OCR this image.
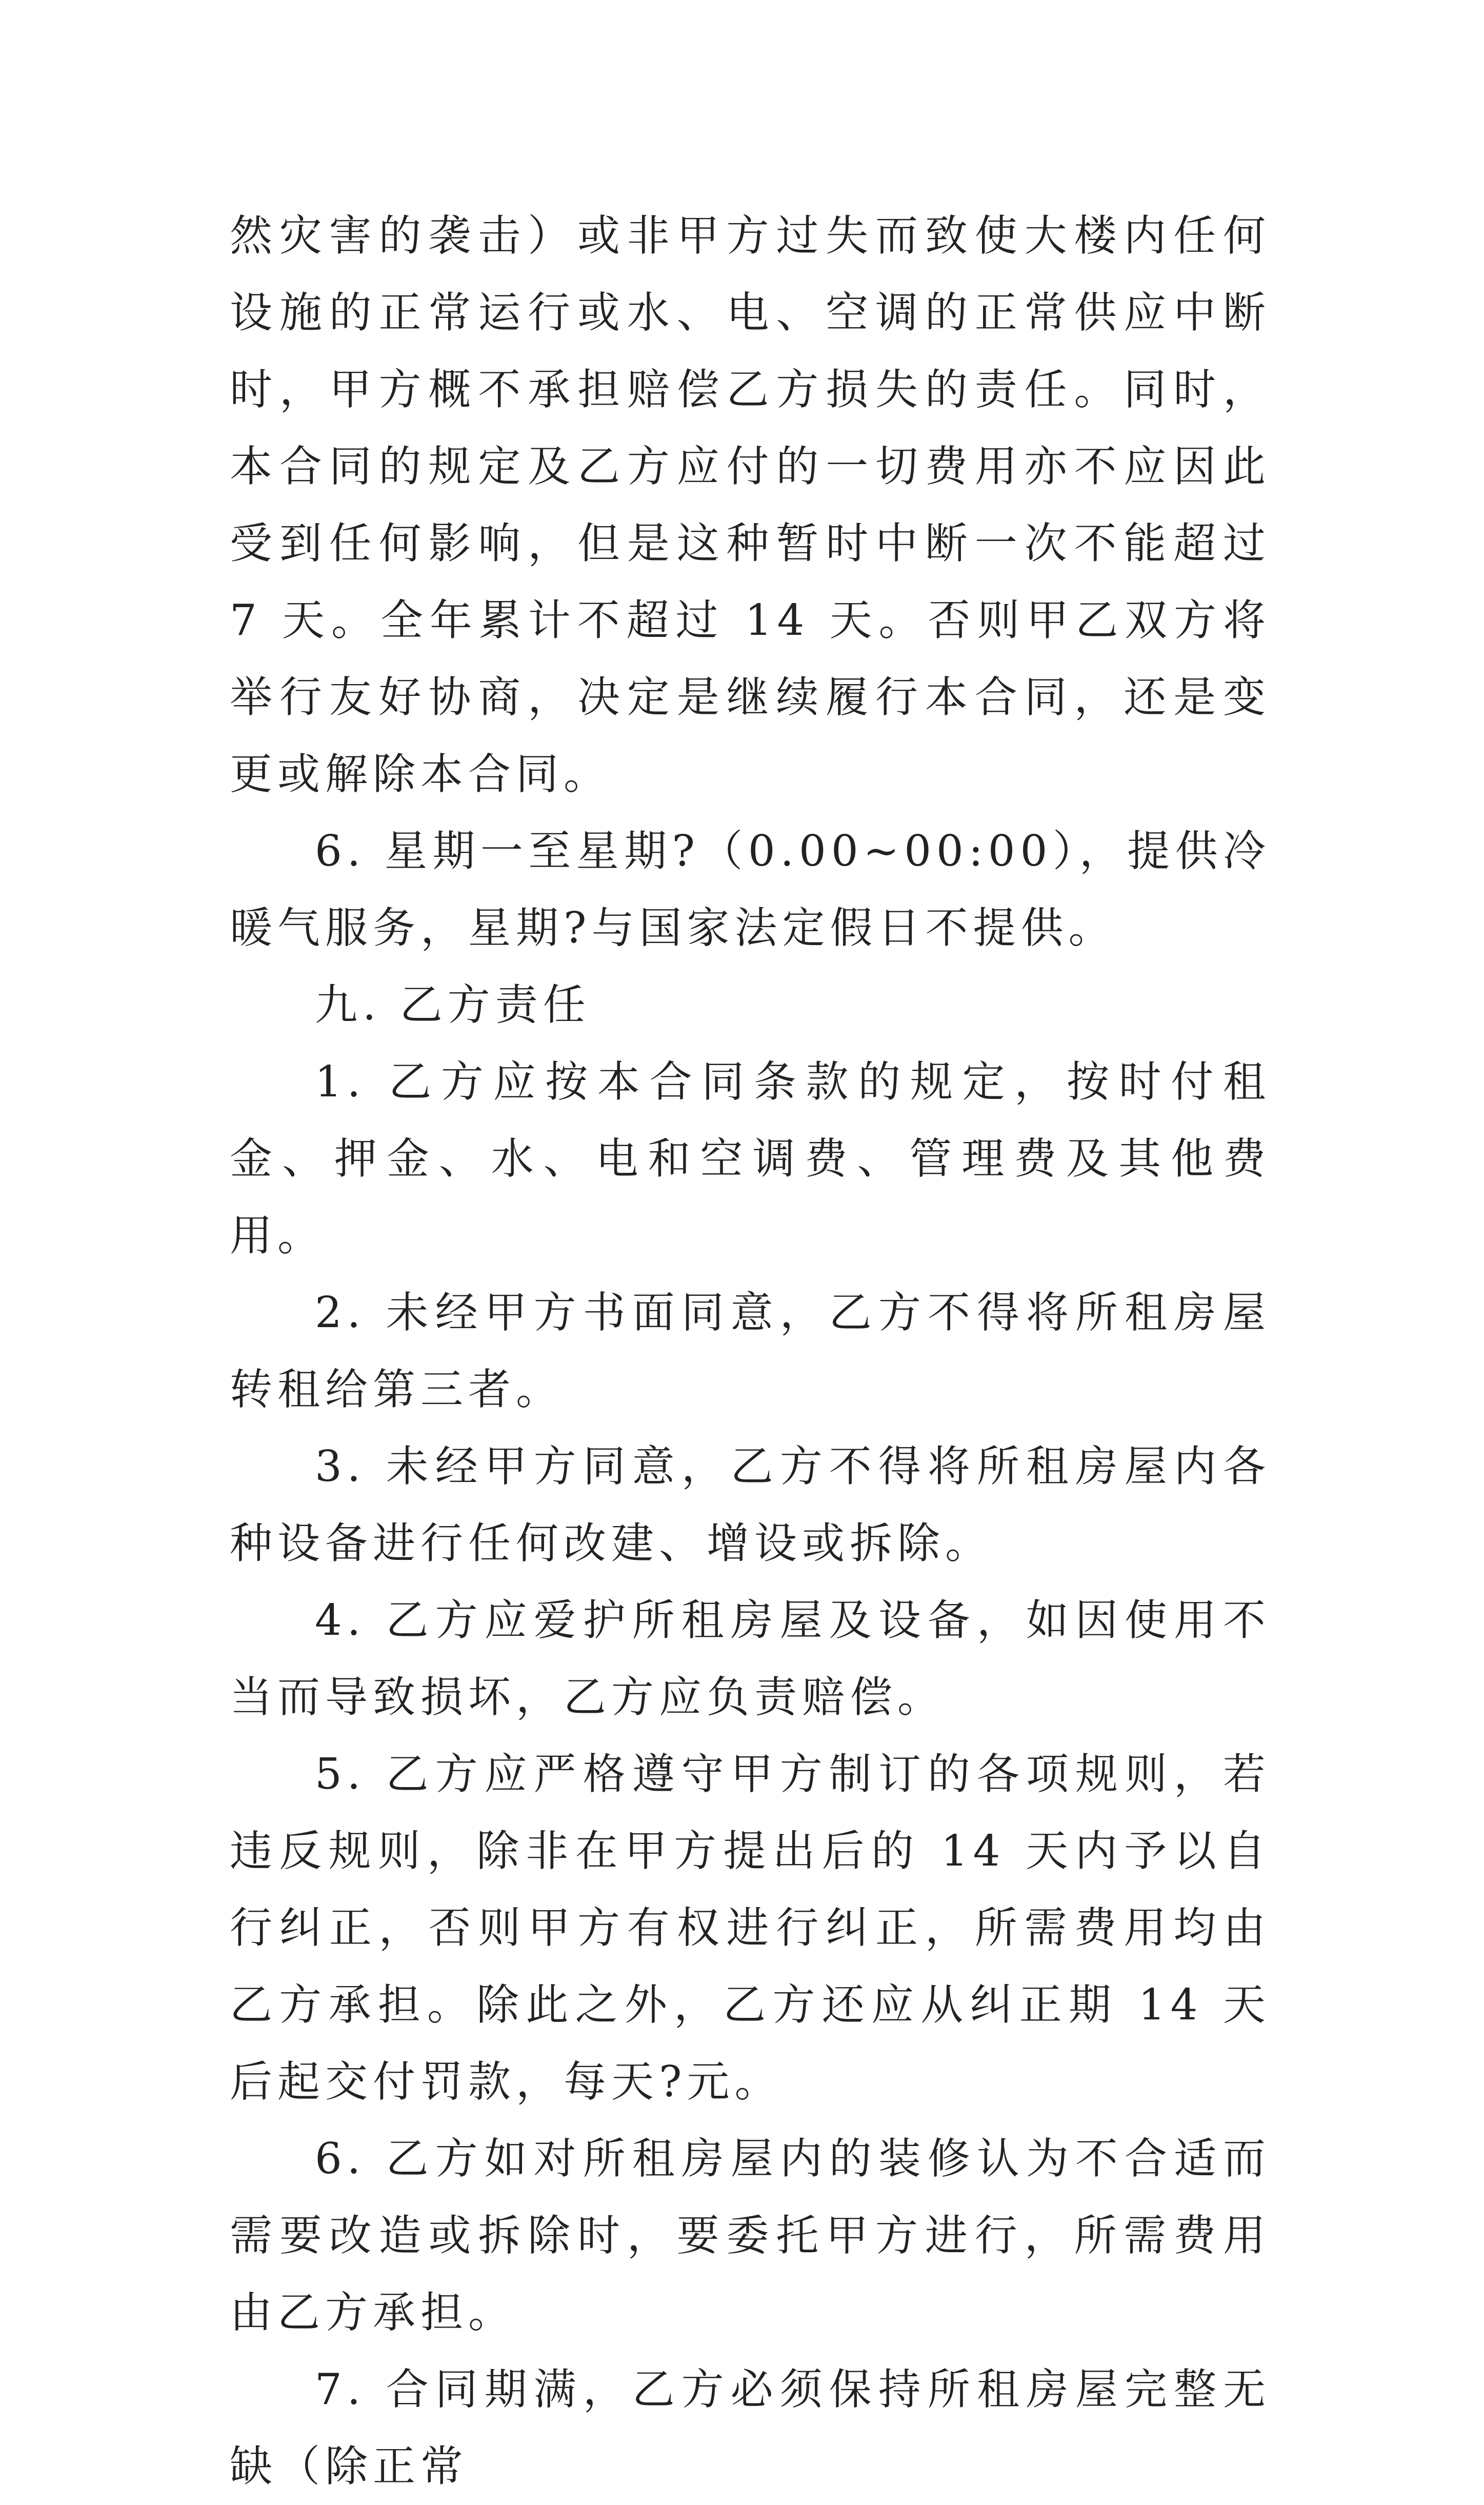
然灾害的袭击）或非甲方过失而致使大楼内任何设施的正常运行或水、电、空调的正常供应中断时，甲方概不承担赔偿乙方损失的责任。同时，本合同的规定及乙方应付的一切费用亦不应因此受到任何影响，但是这种暂时中断一次不能超过 7 天。全年累计不超过 14 天。否则甲乙双方将举行友好协商，决定是继续履行本合同，还是变更或解除本合同。

6. 星期一至星期?（0.00~00:00），提供冷暖气服务，星期?与国家法定假日不提供。

九. 乙方责任

1. 乙方应按本合同条款的规定，按时付租金、押金、水、电和空调费、管理费及其他费用。

2. 未经甲方书面同意，乙方不得将所租房屋转租给第三者。

3. 未经甲方同意，乙方不得将所租房屋内各种设备进行任何改建、增设或拆除。

4. 乙方应爱护所租房屋及设备，如因使用不当而导致损坏，乙方应负责赔偿。

5. 乙方应严格遵守甲方制订的各项规则，若违反规则，除非在甲方提出后的 14 天内予以自行纠正，否则甲方有权进行纠正，所需费用均由乙方承担。除此之外，乙方还应从纠正期 14 天后起交付罚款，每天?元。

6. 乙方如对所租房屋内的装修认为不合适而需要改造或拆除时，要委托甲方进行，所需费用由乙方承担。

7. 合同期满，乙方必须保持所租房屋完整无缺（除正常
